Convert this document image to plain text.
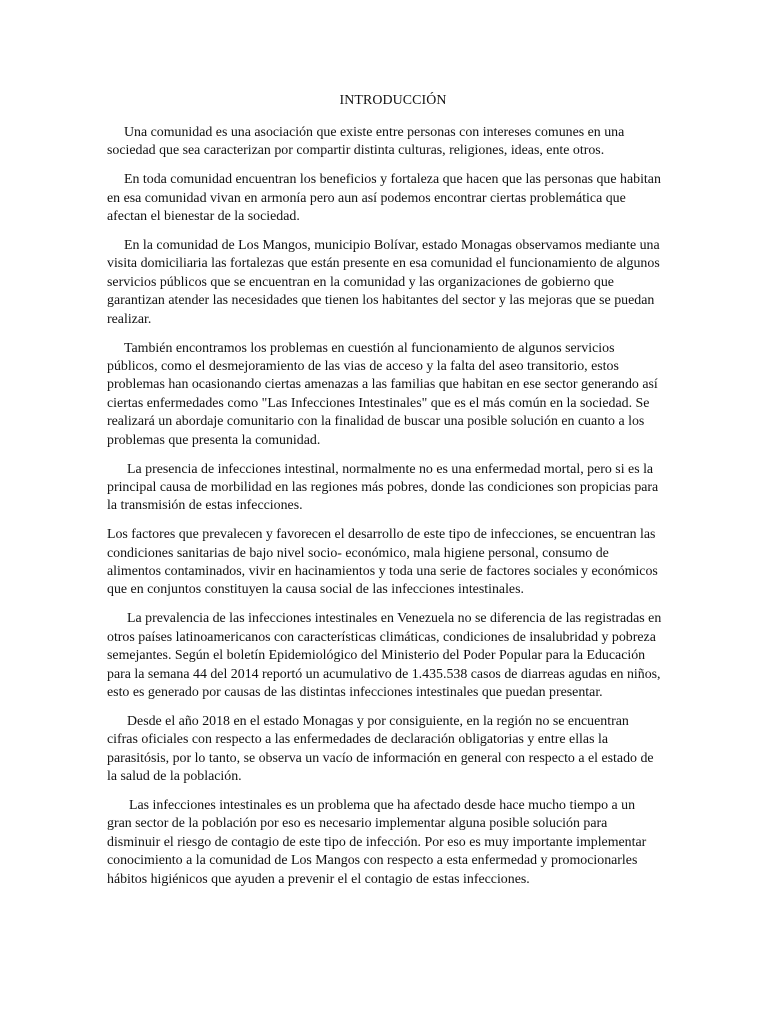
INTRODUCCIÓN

Una comunidad es una asociación que existe entre personas con intereses comunes en una sociedad que sea caracterizan por compartir distinta culturas, religiones, ideas, ente otros.

En toda comunidad encuentran los beneficios y fortaleza que hacen que las personas que habitan en esa comunidad vivan en armonía pero aun así podemos encontrar ciertas problemática que afectan el bienestar de la sociedad.

En la comunidad de Los Mangos, municipio Bolívar, estado Monagas observamos mediante una visita domiciliaria las fortalezas que están presente en esa comunidad el funcionamiento de algunos servicios públicos que se encuentran en la comunidad y las organizaciones de gobierno que garantizan atender las necesidades que tienen los habitantes del sector y las mejoras que se puedan realizar.

También encontramos los problemas en cuestión al funcionamiento de algunos servicios públicos, como el desmejoramiento de las vias de acceso y la falta del aseo transitorio, estos problemas han ocasionando ciertas amenazas a las familias que habitan en ese sector generando así ciertas enfermedades como "Las Infecciones Intestinales" que es el más común en la sociedad. Se realizará un abordaje comunitario con la finalidad de buscar una posible solución en cuanto a los problemas que presenta la comunidad.

La presencia de infecciones intestinal, normalmente no es una enfermedad mortal, pero si es la principal causa de morbilidad en las regiones más pobres, donde las condiciones son propicias para la transmisión de estas infecciones.

Los factores que prevalecen y favorecen el desarrollo de este tipo de infecciones, se encuentran las condiciones sanitarias de bajo nivel socio- económico, mala higiene personal, consumo de alimentos contaminados, vivir en hacinamientos y toda una serie de factores sociales y económicos que en conjuntos constituyen la causa social de las infecciones intestinales.

La prevalencia de las infecciones intestinales en Venezuela no se diferencia de las registradas en otros países latinoamericanos con características climáticas, condiciones de insalubridad y pobreza semejantes. Según el boletín Epidemiológico del Ministerio del Poder Popular para la Educación para la semana 44 del 2014 reportó un acumulativo de 1.435.538 casos de diarreas agudas en niños, esto es generado por causas de las distintas infecciones intestinales que puedan presentar.

Desde el año 2018 en el estado Monagas y por consiguiente, en la región no se encuentran cifras oficiales con respecto a las enfermedades de declaración obligatorias y entre ellas la parasitósis, por lo tanto, se observa un vacío de información en general con respecto a el estado de la salud de la población.

Las infecciones intestinales es un problema que ha afectado desde hace mucho tiempo a un gran sector de la población por eso es necesario implementar alguna posible solución para disminuir el riesgo de contagio de este tipo de infección. Por eso es muy importante implementar conocimiento a la comunidad de Los Mangos con respecto a esta enfermedad y promocionarles hábitos higiénicos que ayuden a prevenir el el contagio de estas infecciones.
